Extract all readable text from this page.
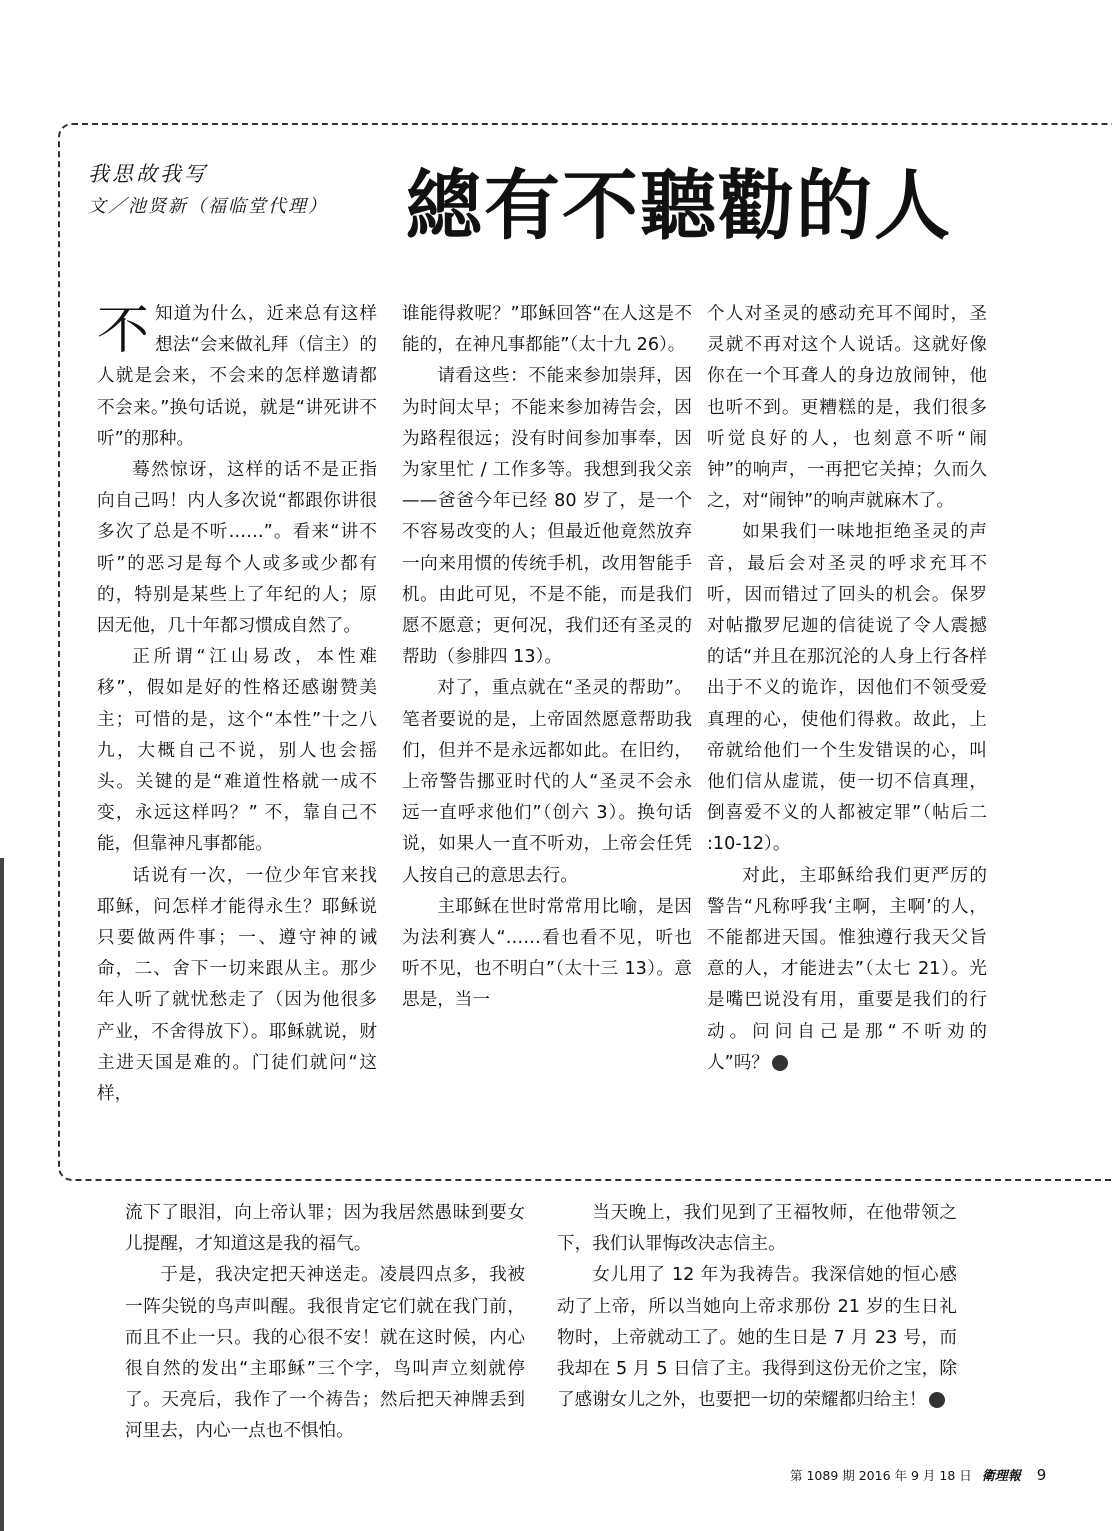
我思故我写
文／池贤新（福临堂代理） 總有不聽勸的人

不知道为什么，近来总有这样想法“会来做礼拜（信主）的人就是会来，不会来的怎样邀请都不会来。”换句话说，就是“讲死讲不听”的那种。

蓦然惊讶，这样的话不是正指向自己吗！内人多次说“都跟你讲很多次了总是不听……”。看来“讲不听”的恶习是每个人或多或少都有的，特别是某些上了年纪的人；原因无他，几十年都习惯成自然了。

正所谓“江山易改，本性难移”，假如是好的性格还感谢赞美主；可惜的是，这个“本性”十之八九，大概自己不说，别人也会摇头。关键的是“难道性格就一成不变，永远这样吗？” 不，靠自己不能，但靠神凡事都能。

话说有一次，一位少年官来找耶稣，问怎样才能得永生？耶稣说只要做两件事；一、遵守神的诫命，二、舍下一切来跟从主。那少年人听了就忧愁走了（因为他很多产业，不舍得放下）。耶稣就说，财主进天国是难的。门徒们就问“这样，

谁能得救呢？”耶稣回答“在人这是不能的，在神凡事都能”（太十九 26）。

请看这些：不能来参加崇拜，因为时间太早；不能来参加祷告会，因为路程很远；没有时间参加事奉，因为家里忙 / 工作多等。我想到我父亲——爸爸今年已经 80 岁了，是一个不容易改变的人；但最近他竟然放弃一向来用惯的传统手机，改用智能手机。由此可见，不是不能，而是我们愿不愿意；更何况，我们还有圣灵的帮助（参腓四 13）。

对了，重点就在“圣灵的帮助”。笔者要说的是，上帝固然愿意帮助我们，但并不是永远都如此。在旧约，上帝警告挪亚时代的人“圣灵不会永远一直呼求他们”（创六 3）。换句话说，如果人一直不听劝，上帝会任凭人按自己的意思去行。

主耶稣在世时常常用比喻，是因为法利赛人“……看也看不见，听也听不见，也不明白”（太十三 13）。意思是，当一

个人对圣灵的感动充耳不闻时，圣灵就不再对这个人说话。这就好像你在一个耳聋人的身边放闹钟，他也听不到。更糟糕的是，我们很多听觉良好的人，也刻意不听“闹钟”的响声，一再把它关掉；久而久之，对“闹钟”的响声就麻木了。

如果我们一味地拒绝圣灵的声音，最后会对圣灵的呼求充耳不听，因而错过了回头的机会。保罗对帖撒罗尼迦的信徒说了令人震撼的话“并且在那沉沦的人身上行各样出于不义的诡诈，因他们不领受爱真理的心，使他们得救。故此，上帝就给他们一个生发错误的心，叫他们信从虚谎，使一切不信真理，倒喜爱不义的人都被定罪”（帖后二 :10-12）。

对此，主耶稣给我们更严厉的警告“凡称呼我‘主啊，主啊’的人，不能都进天国。惟独遵行我天父旨意的人，才能进去”（太七 21）。光是嘴巴说没有用，重要是我们的行动。问问自己是那“不听劝的人”吗？	✝

流下了眼泪，向上帝认罪；因为我居然愚昧到要女儿提醒，才知道这是我的福气。

于是，我决定把天神送走。凌晨四点多，我被一阵尖锐的鸟声叫醒。我很肯定它们就在我门前，而且不止一只。我的心很不安！就在这时候，内心很自然的发出“主耶稣”三个字，鸟叫声立刻就停了。天亮后，我作了一个祷告；然后把天神牌丢到河里去，内心一点也不惧怕。

当天晚上，我们见到了王福牧师，在他带领之下，我们认罪悔改决志信主。

女儿用了 12 年为我祷告。我深信她的恒心感动了上帝，所以当她向上帝求那份 21 岁的生日礼物时，上帝就动工了。她的生日是 7 月 23 号，而我却在 5 月 5 日信了主。我得到这份无价之宝，除了感谢女儿之外，也要把一切的荣耀都归给主！	✝

第 1089 期 2016 年 9 月 18 日 衛理報 9
